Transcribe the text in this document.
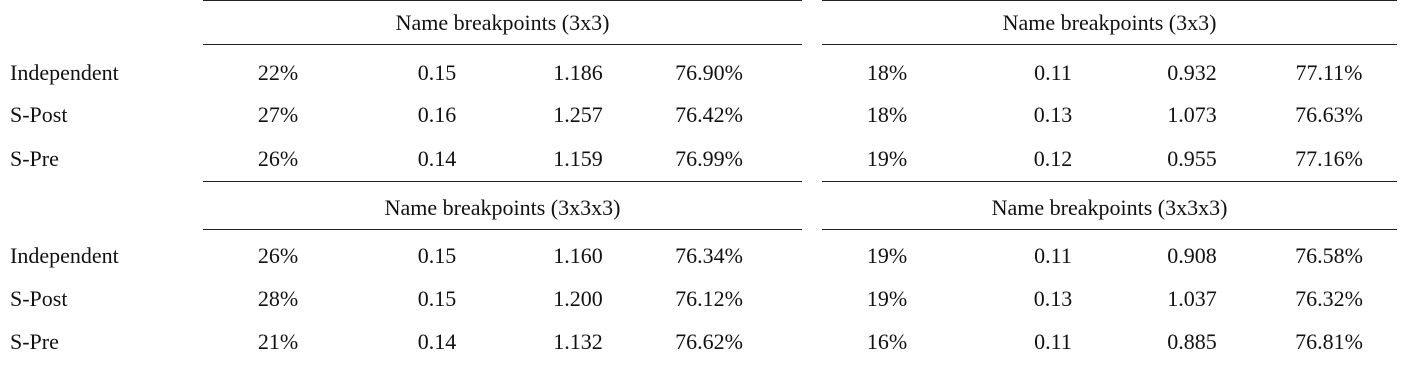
Name breakpoints (3x3)	Name breakpoints (3x3)
Independent	22%	0.15	1.186	76.90%	18%	0.11	0.932	77.11%
S-Post	27%	0.16	1.257	76.42%	18%	0.13	1.073	76.63%
S-Pre	26%	0.14	1.159	76.99%	19%	0.12	0.955	77.16%
Name breakpoints (3x3x3)	Name breakpoints (3x3x3)
Independent	26%	0.15	1.160	76.34%	19%	0.11	0.908	76.58%
S-Post	28%	0.15	1.200	76.12%	19%	0.13	1.037	76.32%
S-Pre	21%	0.14	1.132	76.62%	16%	0.11	0.885	76.81%
